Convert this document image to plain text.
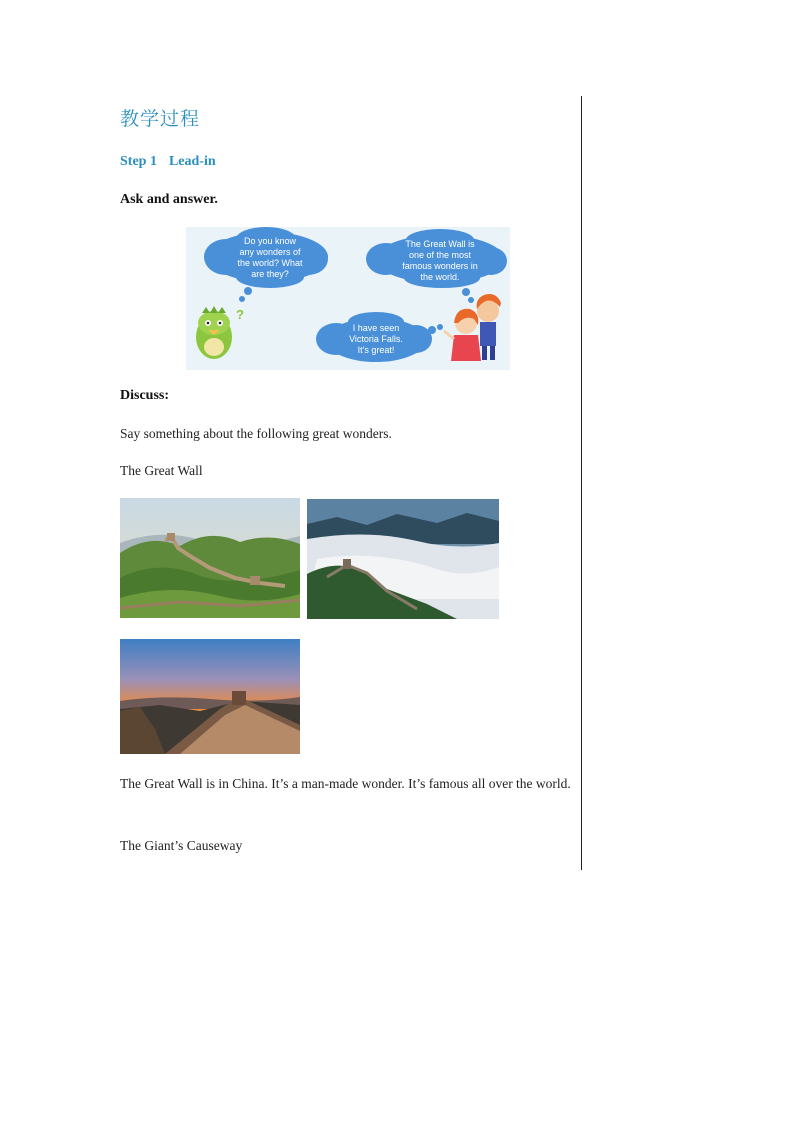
教学过程
Step 1 Lead-in
Ask and answer.
Do you know
any wonders of
the world? What
are they?
The Great Wall is
one of the most
famous wonders in
the world.
I have seen
Victoria Falls.
It’s great!
?
Discuss:
Say something about the following great wonders.
The Great Wall
The Great Wall is in China. It’s a man-made wonder. It’s famous all over the world.
The Giant’s Causeway
